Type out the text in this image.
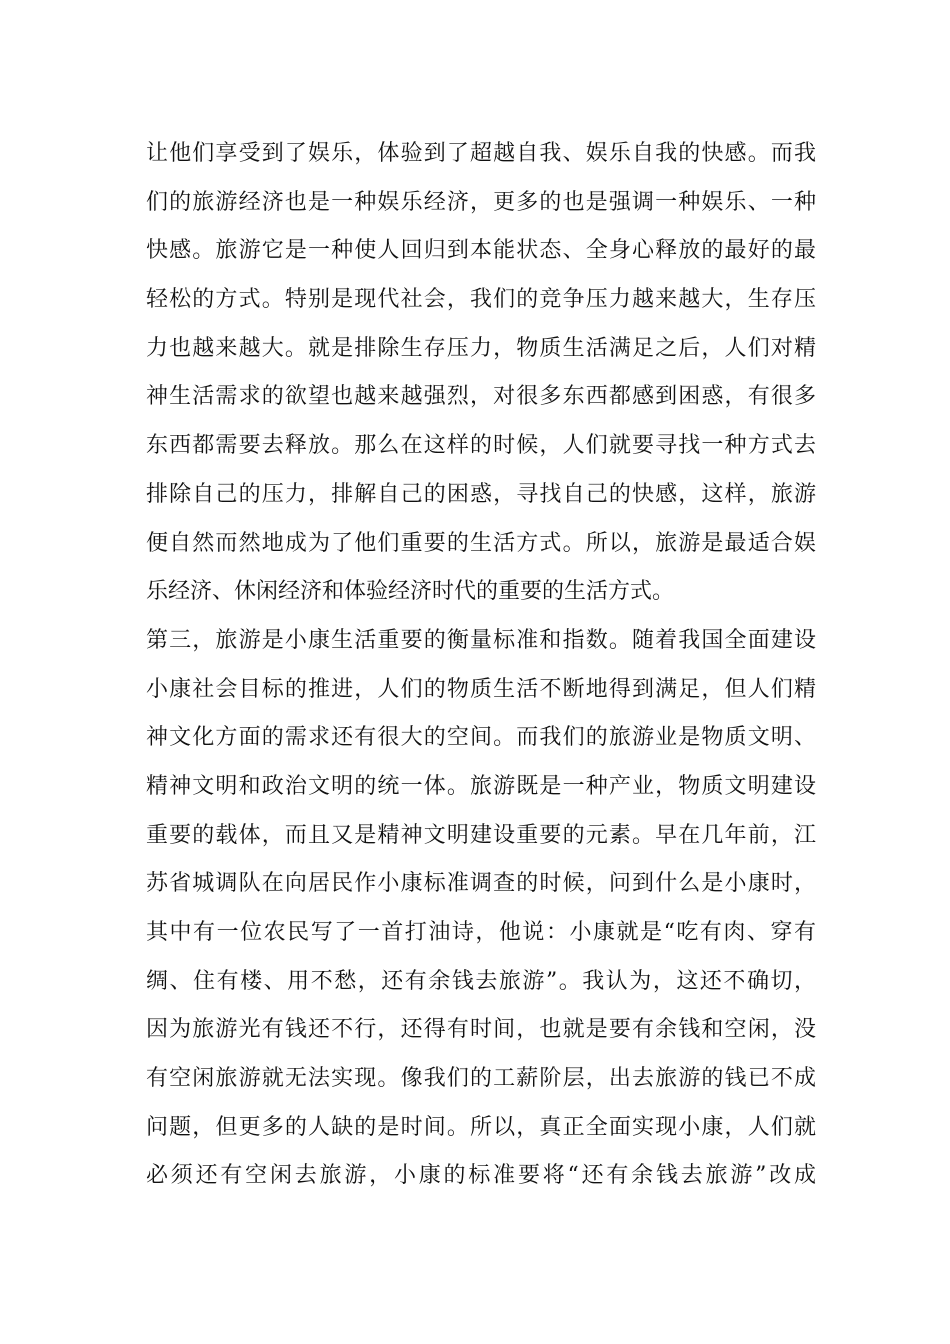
让他们享受到了娱乐，体验到了超越自我、娱乐自我的快感。而我
们的旅游经济也是一种娱乐经济，更多的也是强调一种娱乐、一种
快感。旅游它是一种使人回归到本能状态、全身心释放的最好的最
轻松的方式。特别是现代社会，我们的竞争压力越来越大，生存压
力也越来越大。就是排除生存压力，物质生活满足之后，人们对精
神生活需求的欲望也越来越强烈，对很多东西都感到困惑，有很多
东西都需要去释放。那么在这样的时候，人们就要寻找一种方式去
排除自己的压力，排解自己的困惑，寻找自己的快感，这样，旅游
便自然而然地成为了他们重要的生活方式。所以，旅游是最适合娱
乐经济、休闲经济和体验经济时代的重要的生活方式。
第三，旅游是小康生活重要的衡量标准和指数。随着我国全面建设
小康社会目标的推进，人们的物质生活不断地得到满足，但人们精
神文化方面的需求还有很大的空间。而我们的旅游业是物质文明、
精神文明和政治文明的统一体。旅游既是一种产业，物质文明建设
重要的载体，而且又是精神文明建设重要的元素。早在几年前，江
苏省城调队在向居民作小康标准调查的时候，问到什么是小康时，
其中有一位农民写了一首打油诗，他说：小康就是“吃有肉、穿有
绸、住有楼、用不愁，还有余钱去旅游”。我认为，这还不确切，
因为旅游光有钱还不行，还得有时间，也就是要有余钱和空闲，没
有空闲旅游就无法实现。像我们的工薪阶层，出去旅游的钱已不成
问题，但更多的人缺的是时间。所以，真正全面实现小康，人们就
必须还有空闲去旅游，小康的标准要将“还有余钱去旅游”改成
